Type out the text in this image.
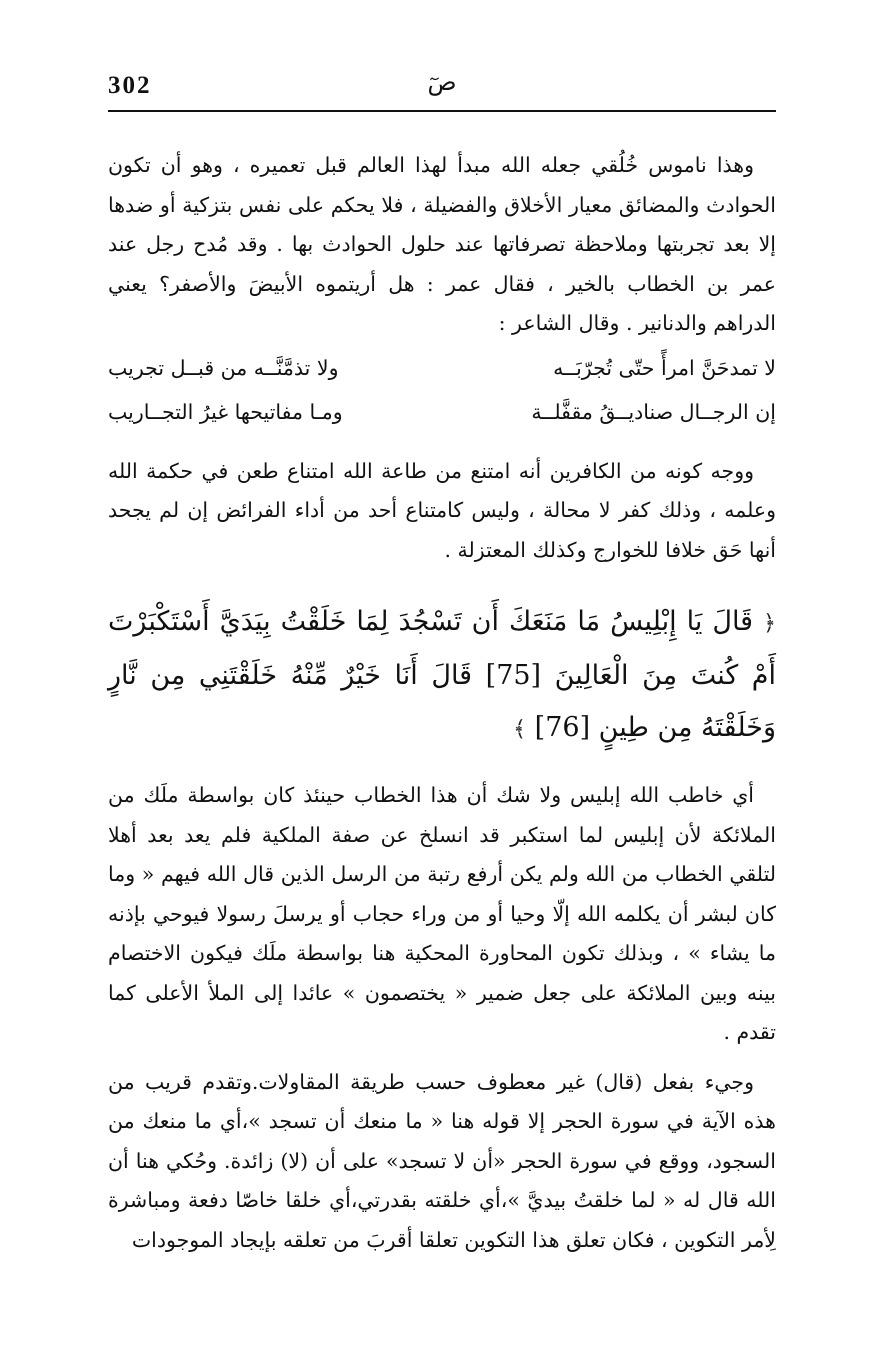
302	صٓ

وهذا ناموس خُلُقي جعله الله مبدأ لهذا العالم قبل تعميره ، وهو أن تكون الحوادث والمضائق معيار الأخلاق والفضيلة ، فلا يحكم على نفس بتزكية أو ضدها إلا بعد تجربتها وملاحظة تصرفاتها عند حلول الحوادث بها . وقد مُدح رجل عند عمر بن الخطاب بالخير ، فقال عمر : هل أريتموه الأبيضَ والأصفر؟ يعني الدراهم والدنانير . وقال الشاعر :

لا تمدحَنَّ امرأً حتّى تُجرّبَــه
ولا تذمَّنَّــه من قبــل تجريب
إن الرجــال صناديــقُ مقفَّلــة
ومـا مفاتيحها غيرُ التجــاريب

ووجه كونه من الكافرين أنه امتنع من طاعة الله امتناع طعن في حكمة الله وعلمه ، وذلك كفر لا محالة ، وليس كامتناع أحد من أداء الفرائض إن لم يجحد أنها حَق خلافا للخوارج وكذلك المعتزلة .

﴿ قَالَ يَا إِبْلِيسُ مَا مَنَعَكَ أَن تَسْجُدَ لِمَا خَلَقْتُ بِيَدَيَّ أَسْتَكْبَرْتَ أَمْ كُنتَ مِنَ الْعَالِينَ [75] قَالَ أَنَا خَيْرٌ مِّنْهُ خَلَقْتَنِي مِن نَّارٍ وَخَلَقْتَهُ مِن طِينٍ [76] ﴾

أي خاطب الله إبليس ولا شك أن هذا الخطاب حينئذ كان بواسطة ملَك من الملائكة لأن إبليس لما استكبر قد انسلخ عن صفة الملكية فلم يعد بعد أهلا لتلقي الخطاب من الله ولم يكن أرفع رتبة من الرسل الذين قال الله فيهم « وما كان لبشر أن يكلمه الله إلّا وحيا أو من وراء حجاب أو يرسلَ رسولا فيوحي بإذنه ما يشاء » ، وبذلك تكون المحاورة المحكية هنا بواسطة ملَك فيكون الاختصام بينه وبين الملائكة على جعل ضمير « يختصمون » عائدا إلى الملأ الأعلى كما تقدم .

وجيء بفعل (قال) غير معطوف حسب طريقة المقاولات.وتقدم قريب من هذه الآية في سورة الحجر إلا قوله هنا « ما منعك أن تسجد »،أي ما منعك من السجود، ووقع في سورة الحجر «أن لا تسجد» على أن (لا) زائدة. وحُكي هنا أن الله قال له « لما خلقتُ بيديَّ »،أي خلقته بقدرتي،أي خلقا خاصّا دفعة ومباشرة لِأمر التكوين ، فكان تعلق هذا التكوين تعلقا أقربَ من تعلقه بإيجاد الموجودات
